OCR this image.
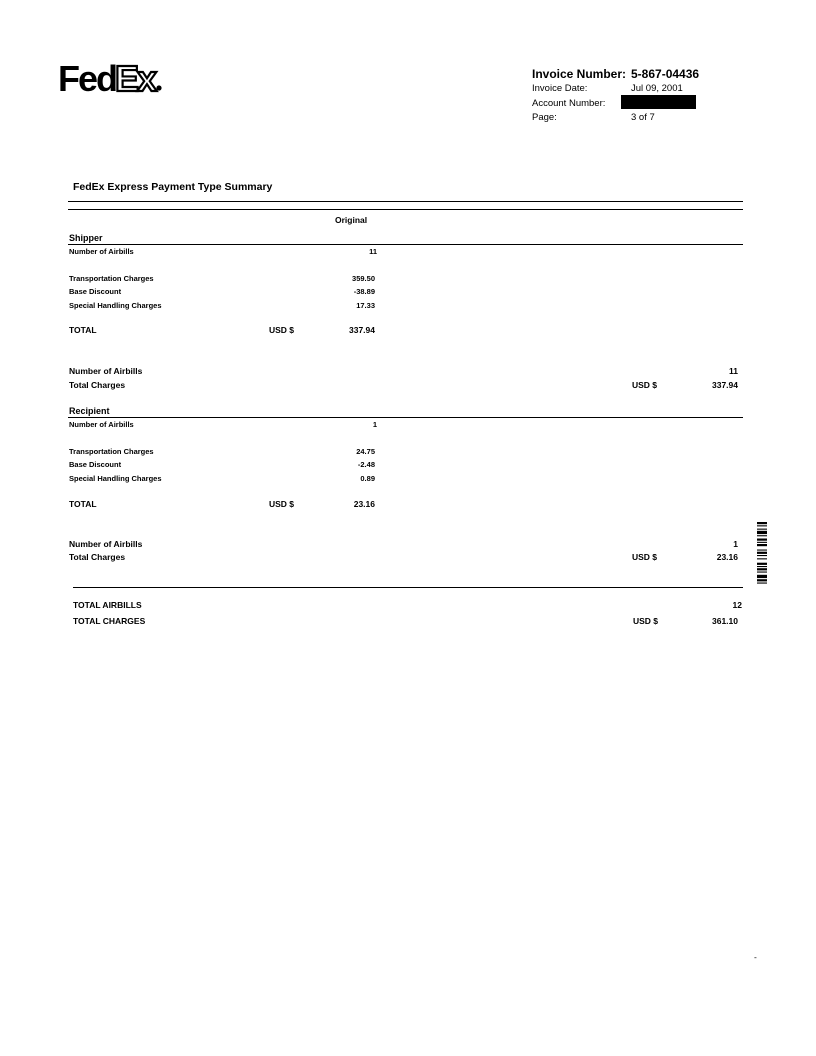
Fed
Ex	Invoice Number: 5-867-04436
Invoice Date:	Jul 09, 2001
Account Number:
Page:	3 of 7
FedEx Express Payment Type Summary
Original
Shipper
Number of Airbills	11
Transportation Charges	359.50
Base Discount	-38.89
Special Handling Charges	17.33
TOTAL	USD $	337.94
Number of Airbills	11
Total Charges	USD $	337.94
Recipient
Number of Airbills	1
Transportation Charges	24.75
Base Discount	-2.48
Special Handling Charges	0.89
TOTAL	USD $	23.16
Number of Airbills	1
Total Charges	USD $	23.16
TOTAL AIRBILLS	12
TOTAL CHARGES	USD $	361.10
-
